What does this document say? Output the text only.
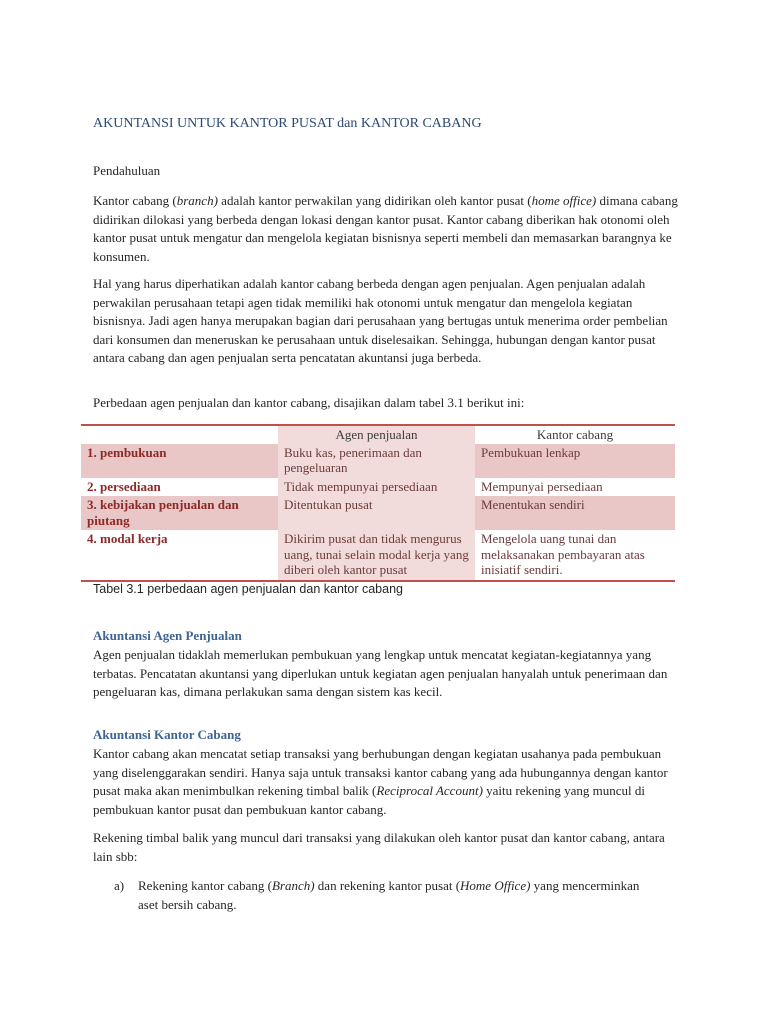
AKUNTANSI UNTUK KANTOR PUSAT dan KANTOR CABANG

Pendahuluan

Kantor cabang (branch) adalah kantor perwakilan yang didirikan oleh kantor pusat (home office) dimana cabang didirikan dilokasi yang berbeda dengan lokasi dengan kantor pusat. Kantor cabang diberikan hak otonomi oleh kantor pusat untuk mengatur dan mengelola kegiatan bisnisnya seperti membeli dan memasarkan barangnya ke konsumen.

Hal yang harus diperhatikan adalah kantor cabang berbeda dengan agen penjualan. Agen penjualan adalah perwakilan perusahaan tetapi agen tidak memiliki hak otonomi untuk mengatur dan mengelola kegiatan bisnisnya. Jadi agen hanya merupakan bagian dari perusahaan yang bertugas untuk menerima order pembelian dari konsumen dan meneruskan ke perusahaan untuk diselesaikan. Sehingga, hubungan dengan kantor pusat antara cabang dan agen penjualan serta pencatatan akuntansi juga berbeda.

Perbedaan agen penjualan dan kantor cabang, disajikan dalam tabel 3.1 berikut ini:

	Agen penjualan	Kantor cabang
1. pembukuan	Buku kas, penerimaan dan pengeluaran	Pembukuan lenkap
2. persediaan	Tidak mempunyai persediaan	Mempunyai persediaan
3. kebijakan penjualan dan piutang	Ditentukan pusat	Menentukan sendiri
4. modal kerja	Dikirim pusat dan tidak mengurus uang, tunai selain modal kerja yang diberi oleh kantor pusat	Mengelola uang tunai dan melaksanakan pembayaran atas inisiatif sendiri.
Tabel 3.1 perbedaan agen penjualan dan kantor cabang
Akuntansi Agen Penjualan

Agen penjualan tidaklah memerlukan pembukuan yang lengkap untuk mencatat kegiatan-kegiatannya yang terbatas. Pencatatan akuntansi yang diperlukan untuk kegiatan agen penjualan hanyalah untuk penerimaan dan pengeluaran kas, dimana perlakukan sama dengan sistem kas kecil.

Akuntansi Kantor Cabang

Kantor cabang akan mencatat setiap transaksi yang berhubungan dengan kegiatan usahanya pada pembukuan yang diselenggarakan sendiri. Hanya saja untuk transaksi kantor cabang yang ada hubungannya dengan kantor pusat maka akan menimbulkan rekening timbal balik (Reciprocal Account) yaitu rekening yang muncul di pembukuan kantor pusat dan pembukuan kantor cabang.

Rekening timbal balik yang muncul dari transaksi yang dilakukan oleh kantor pusat dan kantor cabang, antara lain sbb:

a) Rekening kantor cabang (Branch) dan rekening kantor pusat (Home Office) yang mencerminkan aset bersih cabang.
